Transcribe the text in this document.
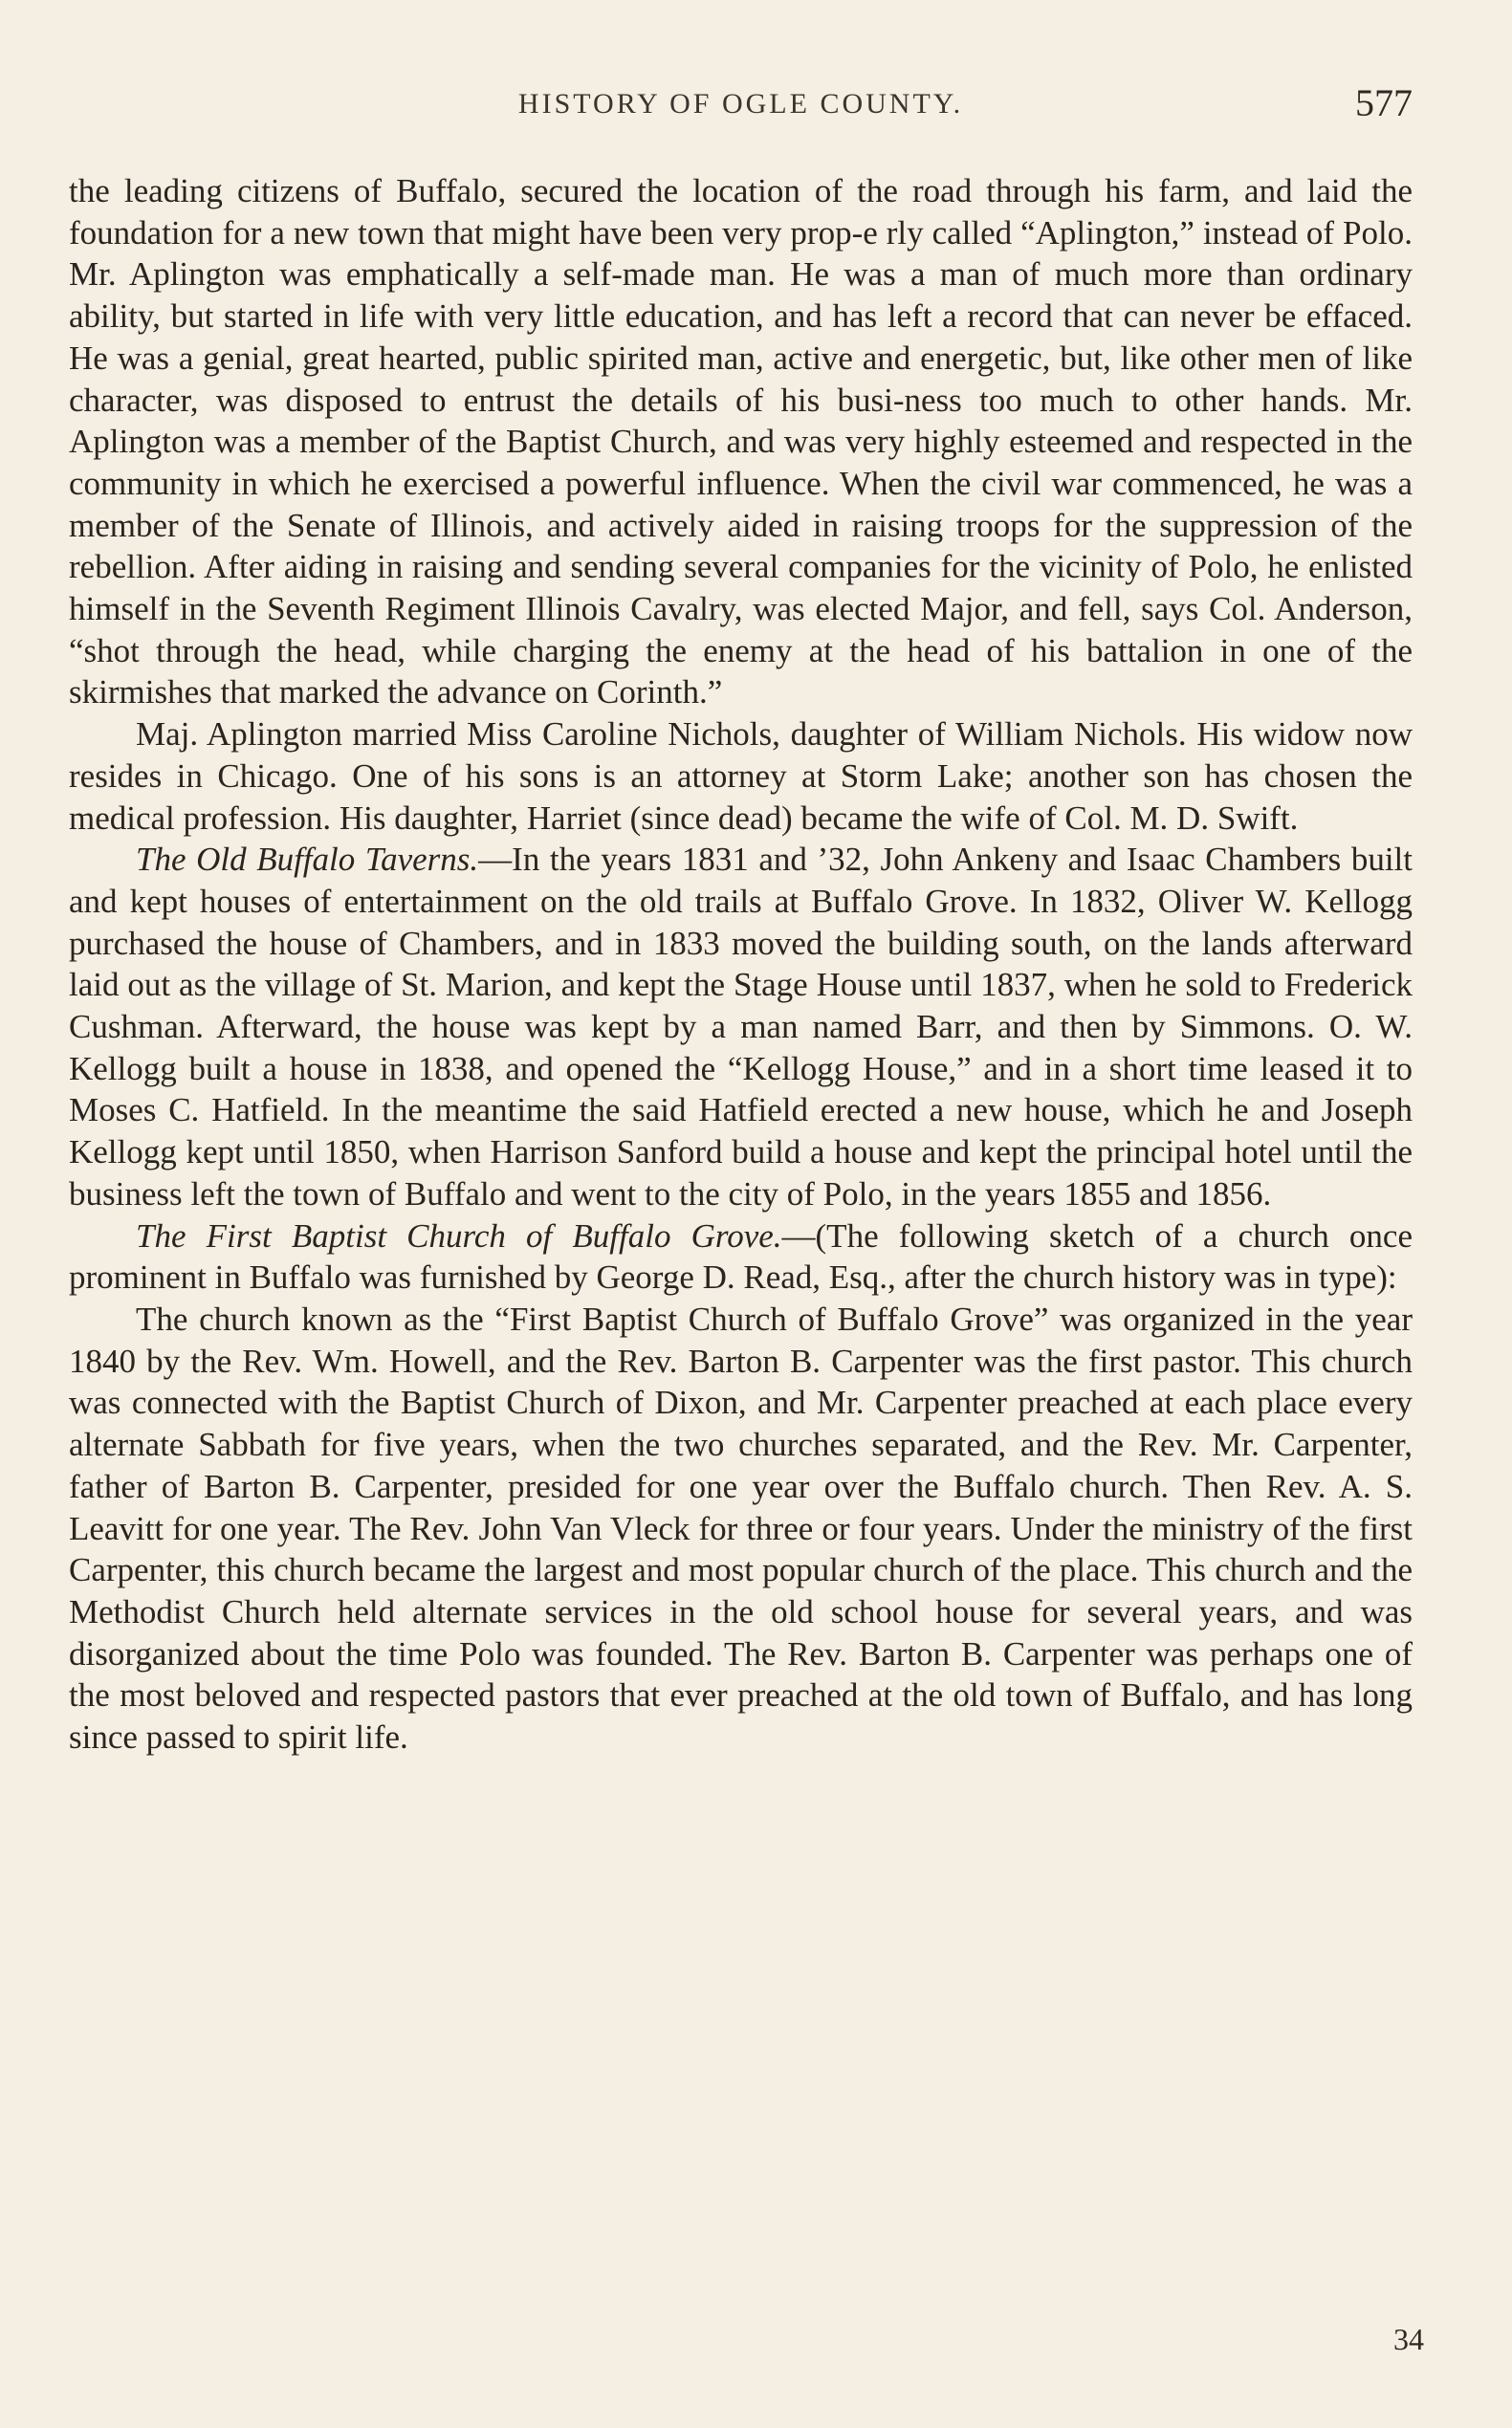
HISTORY OF OGLE COUNTY.	577

the leading citizens of Buffalo, secured the location of the road through his farm, and laid the foundation for a new town that might have been very prop-e rly called “Aplington,” instead of Polo. Mr. Aplington was emphatically a self-made man. He was a man of much more than ordinary ability, but started in life with very little education, and has left a record that can never be effaced. He was a genial, great hearted, public spirited man, active and energetic, but, like other men of like character, was disposed to entrust the details of his busi-ness too much to other hands. Mr. Aplington was a member of the Baptist Church, and was very highly esteemed and respected in the community in which he exercised a powerful influence. When the civil war commenced, he was a member of the Senate of Illinois, and actively aided in raising troops for the suppression of the rebellion. After aiding in raising and sending several companies for the vicinity of Polo, he enlisted himself in the Seventh Regiment Illinois Cavalry, was elected Major, and fell, says Col. Anderson, “shot through the head, while charging the enemy at the head of his battalion in one of the skirmishes that marked the advance on Corinth.”

Maj. Aplington married Miss Caroline Nichols, daughter of William Nichols. His widow now resides in Chicago. One of his sons is an attorney at Storm Lake; another son has chosen the medical profession. His daughter, Harriet (since dead) became the wife of Col. M. D. Swift.

The Old Buffalo Taverns.—In the years 1831 and ’32, John Ankeny and Isaac Chambers built and kept houses of entertainment on the old trails at Buffalo Grove. In 1832, Oliver W. Kellogg purchased the house of Chambers, and in 1833 moved the building south, on the lands afterward laid out as the village of St. Marion, and kept the Stage House until 1837, when he sold to Frederick Cushman. Afterward, the house was kept by a man named Barr, and then by Simmons. O. W. Kellogg built a house in 1838, and opened the “Kellogg House,” and in a short time leased it to Moses C. Hatfield. In the meantime the said Hatfield erected a new house, which he and Joseph Kellogg kept until 1850, when Harrison Sanford build a house and kept the principal hotel until the business left the town of Buffalo and went to the city of Polo, in the years 1855 and 1856.

The First Baptist Church of Buffalo Grove.—(The following sketch of a church once prominent in Buffalo was furnished by George D. Read, Esq., after the church history was in type):

The church known as the “First Baptist Church of Buffalo Grove” was organized in the year 1840 by the Rev. Wm. Howell, and the Rev. Barton B. Carpenter was the first pastor. This church was connected with the Baptist Church of Dixon, and Mr. Carpenter preached at each place every alternate Sabbath for five years, when the two churches separated, and the Rev. Mr. Carpenter, father of Barton B. Carpenter, presided for one year over the Buffalo church. Then Rev. A. S. Leavitt for one year. The Rev. John Van Vleck for three or four years. Under the ministry of the first Carpenter, this church became the largest and most popular church of the place. This church and the Methodist Church held alternate services in the old school house for several years, and was disorganized about the time Polo was founded. The Rev. Barton B. Carpenter was perhaps one of the most beloved and respected pastors that ever preached at the old town of Buffalo, and has long since passed to spirit life.

34
